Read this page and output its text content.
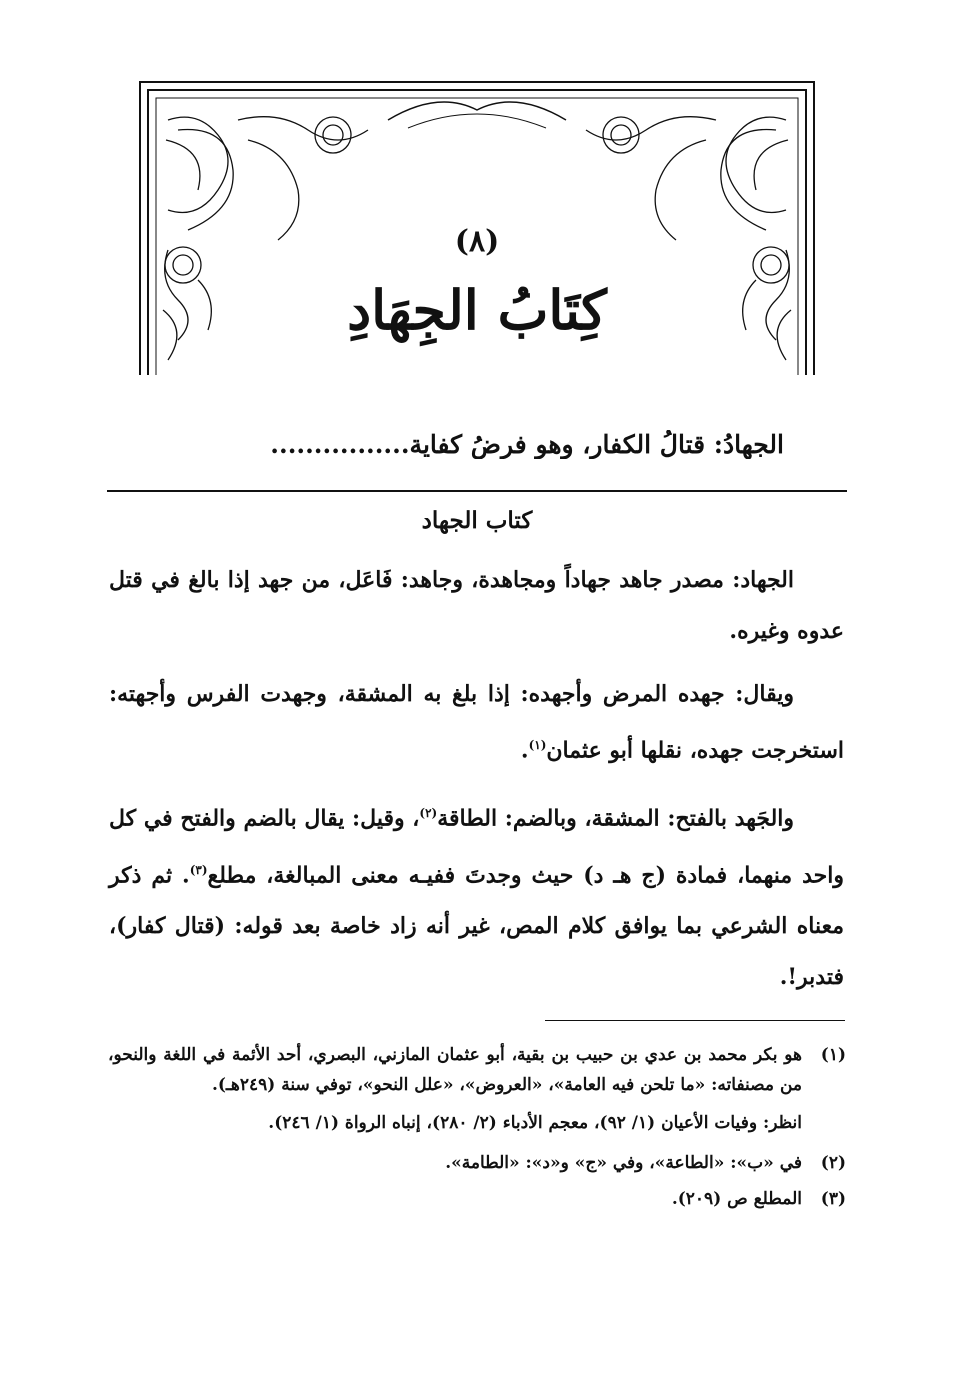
(٨)
كِتَابُ الجِهَادِ
الجهادُ: قتالُ الكفار، وهو فرضُ كفاية................
كتاب الجهاد

الجهاد: مصدر جاهد جهاداً ومجاهدة، وجاهد: فَاعَل، من جهد إذا بالغ في قتل عدوه وغيره.

ويقال: جهده المرض وأجهده: إذا بلغ به المشقة، وجهدت الفرس وأجهته: استخرجت جهده، نقلها أبو عثمان$^{(١)}$.

والجَهد بالفتح: المشقة، وبالضم: الطاقة$^{(٢)}$، وقيل: يقال بالضم والفتح في كل واحد منهما، فمادة (ج هـ د) حيث وجدتَ ففيـه معنى المبالغة، مطلع$^{(٣)}$. ثم ذكر معناه الشرعي بما يوافق كلام المص، غير أنه زاد خاصة بعد قوله: (قتال كفار)، فتدبر!.

(١)
هو بكر محمد بن عدي بن حبيب بن بقية، أبو عثمان المازني، البصري، أحد الأئمة في اللغة والنحو، من مصنفاته: «ما تلحن فيه العامة»، «العروض»، «علل النحو»، توفي سنة (٢٤٩هـ).
انظر: وفيات الأعيان (١/ ٩٢)، معجم الأدباء (٢/ ٢٨٠)، إنباه الرواة (١/ ٢٤٦).
(٢)
في «ب»: «الطاعة»، وفي «ج» و«د»: «الطامة».
(٣)
المطلع ص (٢٠٩).
